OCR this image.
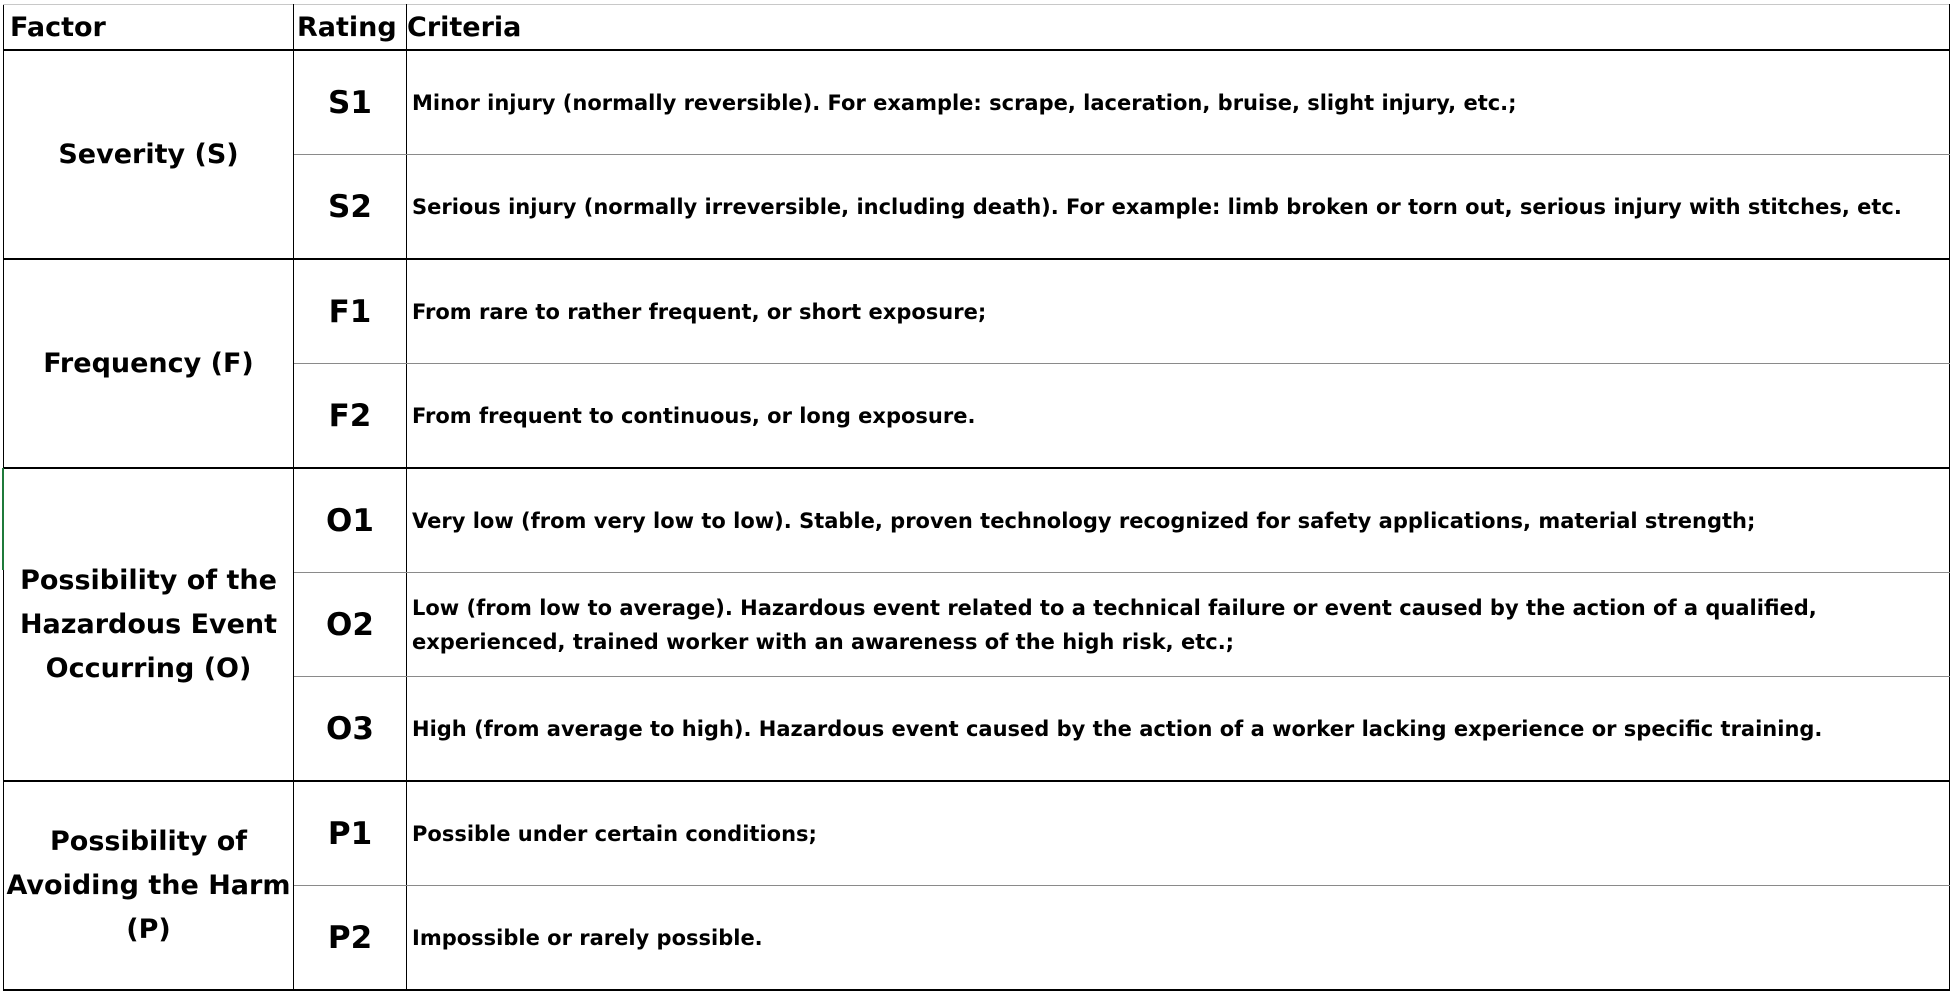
Factor	Rating	Criteria
Severity (S)	S1	Minor injury (normally reversible). For example: scrape, laceration, bruise, slight injury, etc.;
	S2	Serious injury (normally irreversible, including death). For example: limb broken or torn out, serious injury with stitches, etc.
Frequency (F)	F1	From rare to rather frequent, or short exposure;
	F2	From frequent to continuous, or long exposure.
Possibility of the Hazardous Event Occurring (O)	O1	Very low (from very low to low). Stable, proven technology recognized for safety applications, material strength;
	O2	Low (from low to average). Hazardous event related to a technical failure or event caused by the action of a qualified, experienced, trained worker with an awareness of the high risk, etc.;
	O3	High (from average to high). Hazardous event caused by the action of a worker lacking experience or specific training.
Possibility of Avoiding the Harm (P)	P1	Possible under certain conditions;
	P2	Impossible or rarely possible.
